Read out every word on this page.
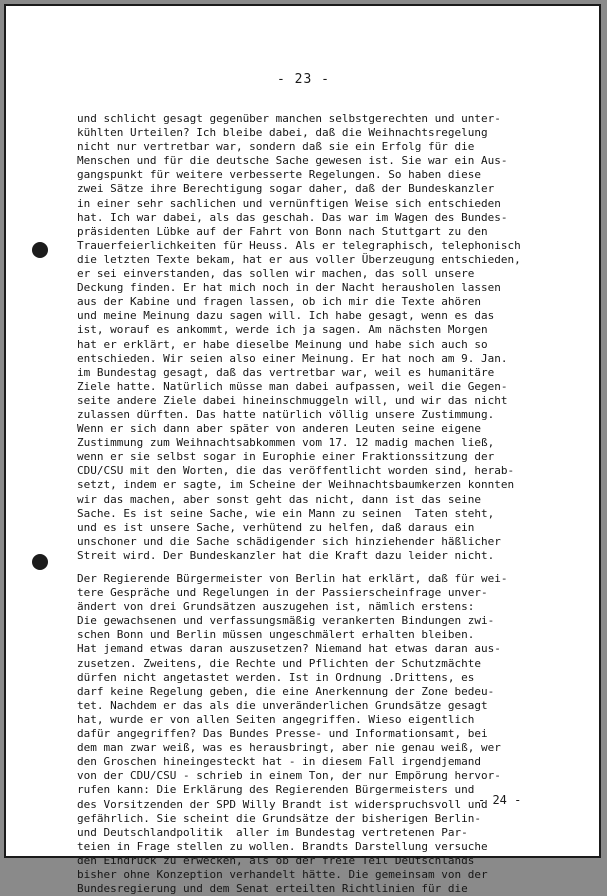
- 23 -
und schlicht gesagt gegenüber manchen selbstgerechten und unter-
kühlten Urteilen? Ich bleibe dabei, daß die Weihnachtsregelung
nicht nur vertretbar war, sondern daß sie ein Erfolg für die
Menschen und für die deutsche Sache gewesen ist. Sie war ein Aus-
gangspunkt für weitere verbesserte Regelungen. So haben diese
zwei Sätze ihre Berechtigung sogar daher, daß der Bundeskanzler
in einer sehr sachlichen und vernünftigen Weise sich entschieden
hat. Ich war dabei, als das geschah. Das war im Wagen des Bundes-
präsidenten Lübke auf der Fahrt von Bonn nach Stuttgart zu den
Trauerfeierlichkeiten für Heuss. Als er telegraphisch, telephonisch
die letzten Texte bekam, hat er aus voller Überzeugung entschieden,
er sei einverstanden, das sollen wir machen, das soll unsere
Deckung finden. Er hat mich noch in der Nacht herausholen lassen
aus der Kabine und fragen lassen, ob ich mir die Texte ahören
und meine Meinung dazu sagen will. Ich habe gesagt, wenn es das
ist, worauf es ankommt, werde ich ja sagen. Am nächsten Morgen
hat er erklärt, er habe dieselbe Meinung und habe sich auch so
entschieden. Wir seien also einer Meinung. Er hat noch am 9. Jan.
im Bundestag gesagt, daß das vertretbar war, weil es humanitäre
Ziele hatte. Natürlich müsse man dabei aufpassen, weil die Gegen-
seite andere Ziele dabei hineinschmuggeln will, und wir das nicht
zulassen dürften. Das hatte natürlich völlig unsere Zustimmung.
Wenn er sich dann aber später von anderen Leuten seine eigene
Zustimmung zum Weihnachtsabkommen vom 17. 12 madig machen ließ,
wenn er sie selbst sogar in Europhie einer Fraktionssitzung der
CDU/CSU mit den Worten, die das veröffentlicht worden sind, herab-
setzt, indem er sagte, im Scheine der Weihnachtsbaumkerzen konnten
wir das machen, aber sonst geht das nicht, dann ist das seine
Sache. Es ist seine Sache, wie ein Mann zu seinen  Taten steht,
und es ist unsere Sache, verhütend zu helfen, daß daraus ein
unschoner und die Sache schädigender sich hinziehender häßlicher
Streit wird. Der Bundeskanzler hat die Kraft dazu leider nicht.
Der Regierende Bürgermeister von Berlin hat erklärt, daß für wei-
tere Gespräche und Regelungen in der Passierscheinfrage unver-
ändert von drei Grundsätzen auszugehen ist, nämlich erstens:
Die gewachsenen und verfassungsmäßig verankerten Bindungen zwi-
schen Bonn und Berlin müssen ungeschmälert erhalten bleiben.
Hat jemand etwas daran auszusetzen? Niemand hat etwas daran aus-
zusetzen. Zweitens, die Rechte und Pflichten der Schutzmächte
dürfen nicht angetastet werden. Ist in Ordnung .Drittens, es
darf keine Regelung geben, die eine Anerkennung der Zone bedeu-
tet. Nachdem er das als die unveränderlichen Grundsätze gesagt
hat, wurde er von allen Seiten angegriffen. Wieso eigentlich
dafür angegriffen? Das Bundes Presse- und Informationsamt, bei
dem man zwar weiß, was es herausbringt, aber nie genau weiß, wer
den Groschen hineingesteckt hat - in diesem Fall irgendjemand
von der CDU/CSU - schrieb in einem Ton, der nur Empörung hervor-
rufen kann: Die Erklärung des Regierenden Bürgermeisters und
des Vorsitzenden der SPD Willy Brandt ist widerspruchsvoll und
gefährlich. Sie scheint die Grundsätze der bisherigen Berlin-
und Deutschlandpolitik  aller im Bundestag vertretenen Par-
teien in Frage stellen zu wollen. Brandts Darstellung versuche
den Eindruck zu erwecken, als ob der freie Teil Deutschlands
bisher ohne Konzeption verhandelt hätte. Die gemeinsam von der
Bundesregierung und dem Senat erteilten Richtlinien für die
- 24 -
